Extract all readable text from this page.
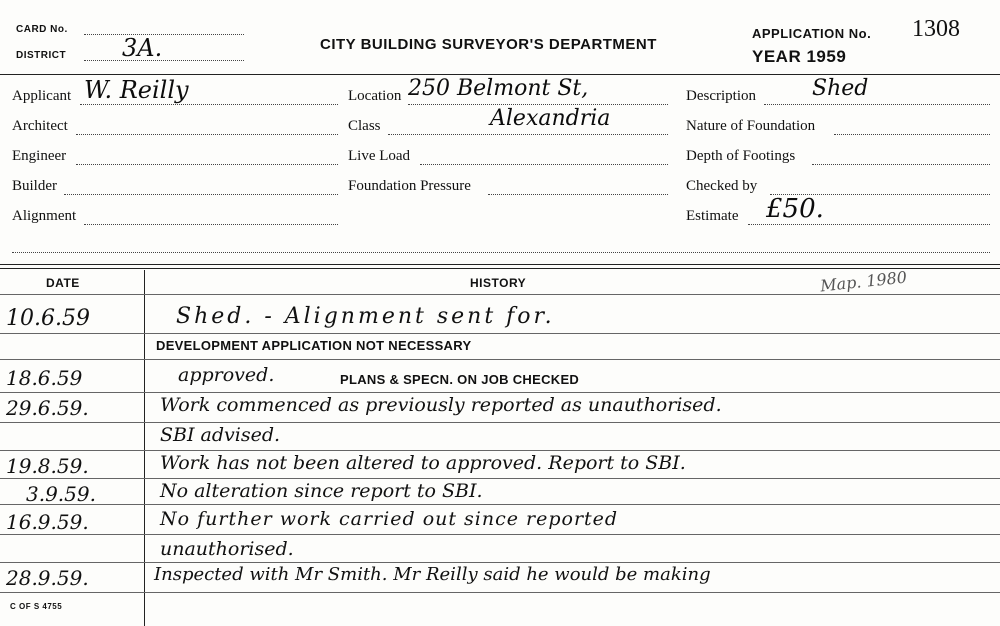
CARD No.
DISTRICT 3A.	CITY BUILDING SURVEYOR'S DEPARTMENT
APPLICATION No. 1308
YEAR 1959
Applicant W. Reilly
Architect
Engineer
Builder
Alignment
Location 250 Belmont St,
Class	Alexandria
Live Load
Foundation Pressure
Description	Shed
Nature of Foundation
Depth of Footings
Checked by
Estimate £50.
DATE	HISTORY	Map. 1980
10.6.59	Shed. - Alignment sent for.
DEVELOPMENT APPLICATION NOT NECESSARY
18.6.59	approved.	PLANS & SPECN. ON JOB CHECKED
29.6.59.	Work commenced as previously reported as unauthorised.
SBI advised.
19.8.59.	Work has not been altered to approved. Report to SBI.
3.9.59.	No alteration since report to SBI.
16.9.59.	No further work carried out since reported
unauthorised.
28.9.59.	Inspected with Mr Smith. Mr Reilly said he would be making
C OF S 4755
